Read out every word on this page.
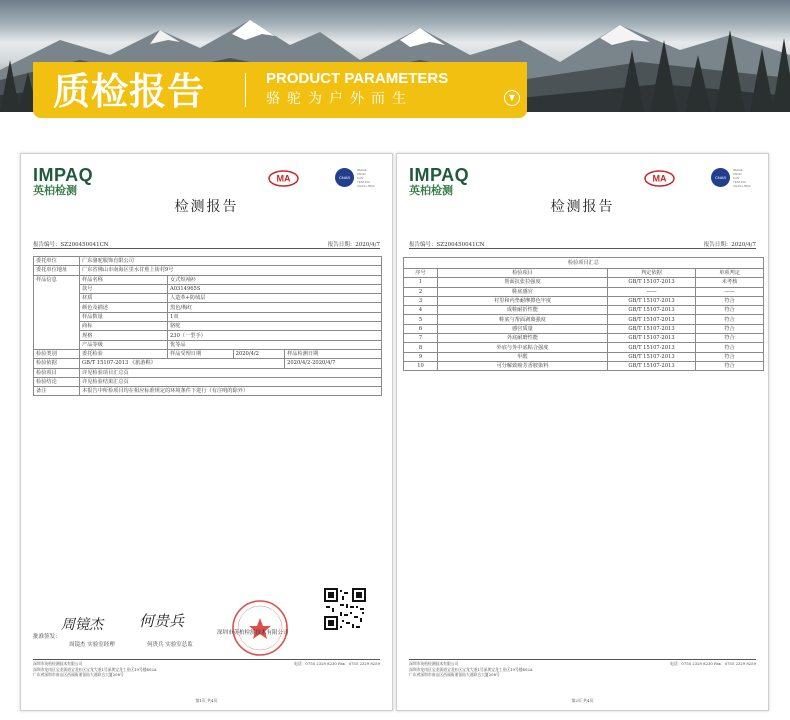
质检报告	PRODUCT PARAMETERS
骆驼为户外而生	▼
IMPAQ
英柏检测
MA	CNAS
IMAGE
PROD
CAN
TESTING
CNAS L5560
检测报告
报告编号：SZ200450041CN	报告日期：2020/4/7
委托单位	广东骆驼服饰有限公司			
委托单位地址	广东省佛山市南海区里水甘蕉上街村9号			
样品信息	样品名称	女式短袖衫		
	款号	A0314965S		
	材质	人造革+防绒层		
	颜色及描述	黑色/梅红		
	样品数量	1双		
	商标	骆驼		
	规格	230（一型手）		
	产品等级	优等品		
检验类别	委托检验	样品受理日期	2020/4/2	样品检测日期
检验依据	GB/T 15107-2013 《旅游鞋》			2020/4/2-2020/4/7
检验项目	详见检验项目汇总页			
检验结论	详见检验结果汇总页			
备注	本报告中所检项目均在相应标准规定的环境条件下进行（有注明的除外）			
批准签发：
周镜杰
周镜杰 实验室经理
何贵兵
何贵兵 实验室总监
深圳市英柏检测技术有限公司
深圳市英柏检测技术有限公司
深圳市龙岗区宝龙街道宝龙社区宝龙大道1号深圳宝龙工业区19号楼402A
广东省深圳市南山区西丽街道留仙大道联合大厦208号
电话：0755 2329 8230 Fax：0755 2329 8259
第1页 共4页
IMPAQ
英柏检测
MA	CNAS
IMAGE
PROD
CAN
TESTING
CNAS L5560
检测报告
报告编号：SZ200450041CN	报告日期：2020/4/7
检验项目汇总			
序号	检验项目	判定依据	单项判定
1	帮面抗张拉强度	GB/T 15107-2013	未考核
2	鞋底感官	——	——
3	衬里和内垫耐摩擦色牢度	GB/T 15107-2013	符合
4	成鞋耐折性能	GB/T 15107-2013	符合
5	鞋底与帮面剥离强度	GB/T 15107-2013	符合
6	感官质量	GB/T 15107-2013	符合
7	外底耐磨性能	GB/T 15107-2013	符合
8	外底与外中底粘合强度	GB/T 15107-2013	符合
9	甲醛	GB/T 15107-2013	符合
10	可分解致癌芳香胺染料	GB/T 15107-2013	符合
深圳市英柏检测技术有限公司
深圳市龙岗区宝龙街道宝龙社区宝龙大道1号深圳宝龙工业区19号楼402A
广东省深圳市南山区西丽街道留仙大道联合大厦208号
电话：0755 2329 8230 Fax：0755 2329 8259
第2页 共4页
